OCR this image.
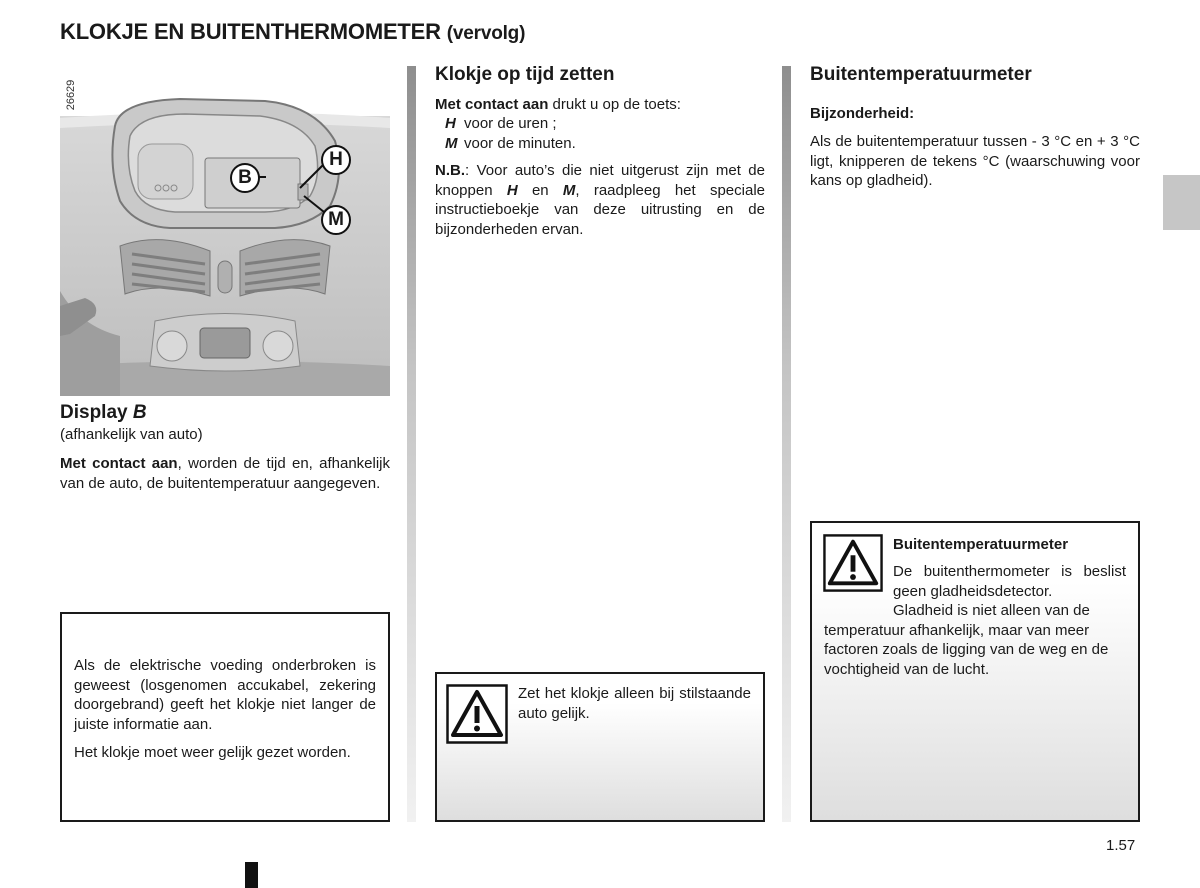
KLOKJE EN BUITENTHERMOMETER (vervolg)
26629
B
H
M
Display B

(afhankelijk van auto)

Met contact aan, worden de tijd en, afhankelijk van de auto, de buitentemperatuur aangegeven.

Als de elektrische voeding onderbroken is geweest (losgenomen accukabel, zekering doorgebrand) geeft het klokje niet langer de juiste informatie aan.

Het klokje moet weer gelijk gezet worden.

Klokje op tijd zetten

Met contact aan drukt u op de toets:

H voor de uren ;
M voor de minuten.

N.B.: Voor auto’s die niet uitgerust zijn met de knoppen H en M, raadpleeg het speciale instructieboekje van deze uitrusting en de bijzonderheden ervan.

Zet het klokje alleen bij stilstaande auto gelijk.

Buitentemperatuurmeter

Bijzonderheid:

Als de buitentemperatuur tussen - 3 °C en + 3 °C ligt, knipperen de tekens °C (waarschuwing voor kans op gladheid).

Buitentemperatuurmeter

De buitenthermometer is beslist geen gladheidsdetector.

Gladheid is niet alleen van de temperatuur afhankelijk, maar van meer factoren zoals de ligging van de weg en de vochtigheid van de lucht.

1.57
